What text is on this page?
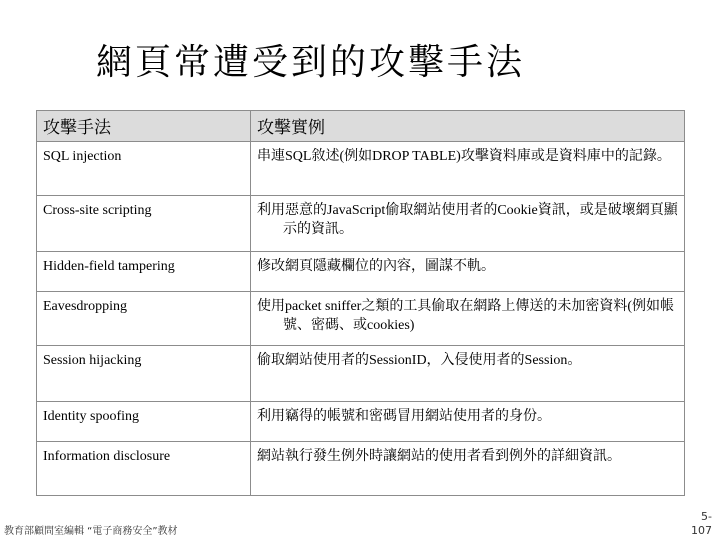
網頁常遭受到的攻擊手法
攻擊手法	攻擊實例
SQL injection	串連SQL敘述(例如DROP TABLE)攻擊資料庫或是資料庫中的記錄。

Cross-site scripting	利用惡意的JavaScript偷取網站使用者的Cookie資訊，或是破壞網頁顯示的資訊。

Hidden-field tampering	修改網頁隱藏欄位的內容，圖謀不軌。

Eavesdropping	使用packet sniffer之類的工具偷取在網路上傳送的未加密資料(例如帳號、密碼、或cookies)

Session hijacking	偷取網站使用者的SessionID，入侵使用者的Session。

Identity spoofing	利用竊得的帳號和密碼冒用網站使用者的身份。

Information disclosure	網站執行發生例外時讓網站的使用者看到例外的詳細資訊。
教育部顧問室編輯 “電子商務安全”教材
5-
107
